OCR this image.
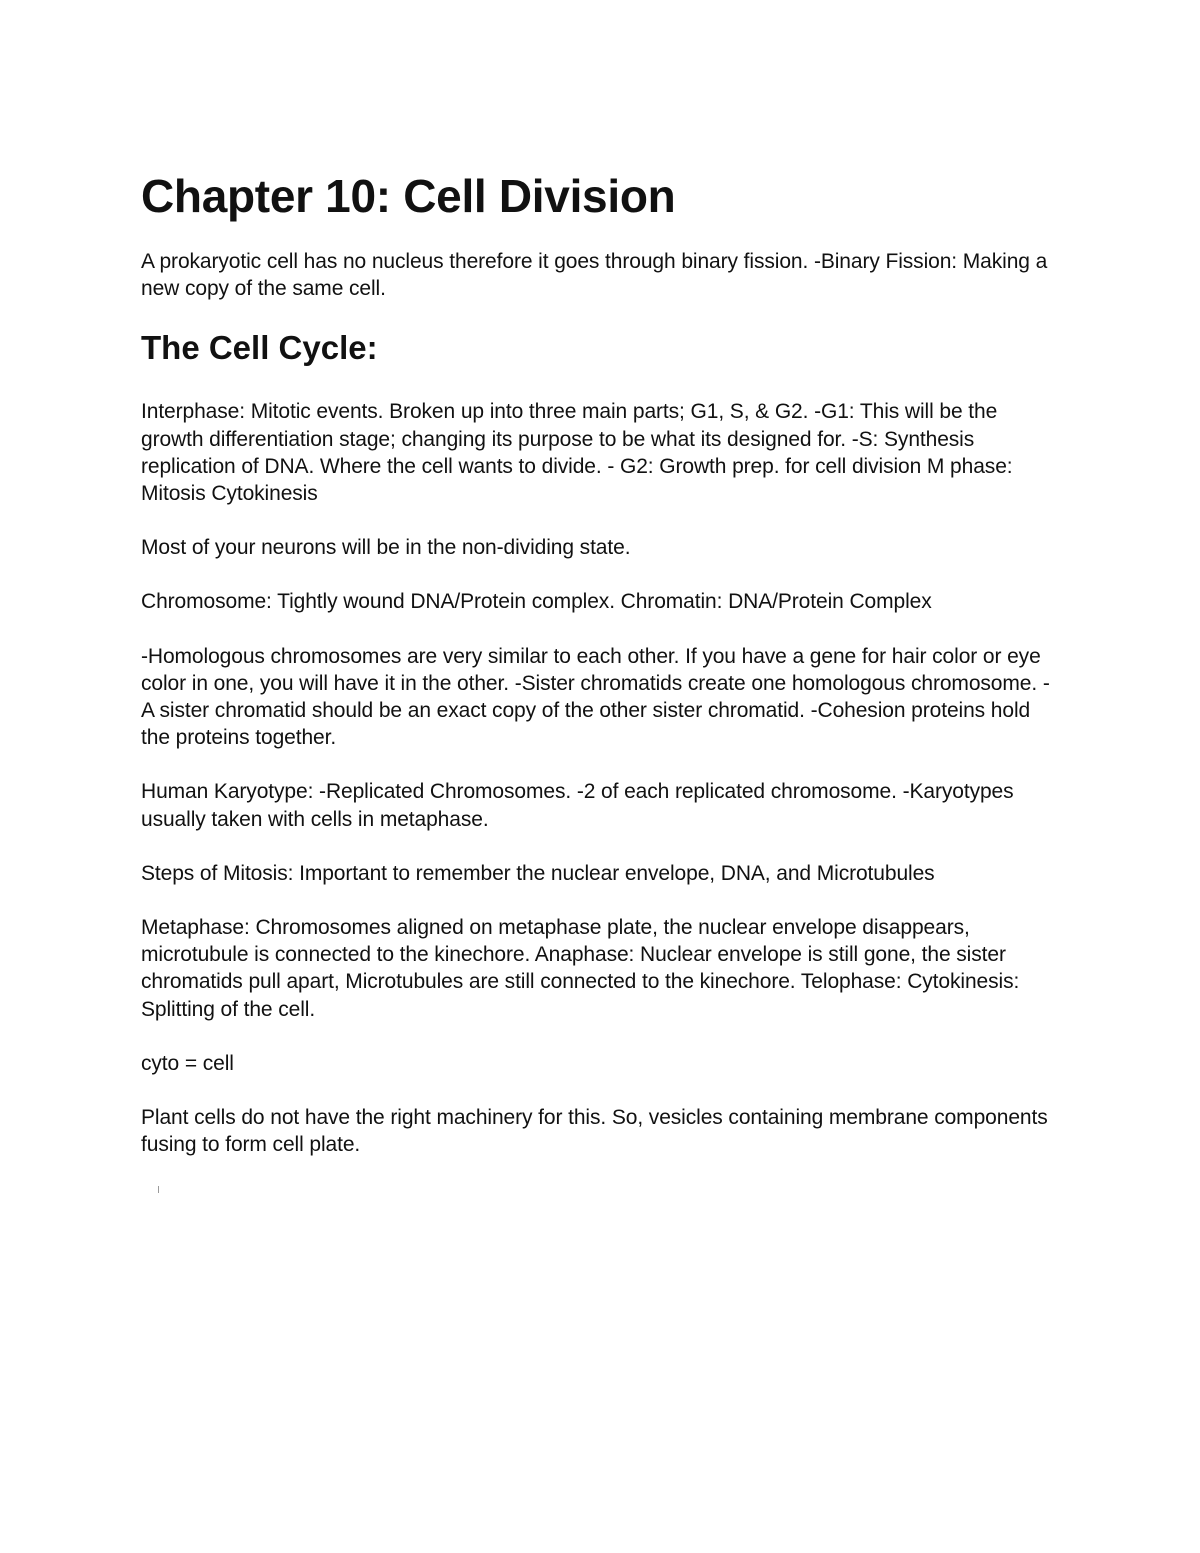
Chapter 10: Cell Division

A prokaryotic cell has no nucleus therefore it goes through binary fission. -Binary Fission: Making a new copy of the same cell.

The Cell Cycle:

Interphase: Mitotic events. Broken up into three main parts; G1, S, & G2. -G1: This will be the growth differentiation stage; changing its purpose to be what its designed for. -S: Synthesis replication of DNA. Where the cell wants to divide. - G2: Growth prep. for cell division M phase: Mitosis Cytokinesis

Most of your neurons will be in the non-dividing state.

Chromosome: Tightly wound DNA/Protein complex. Chromatin: DNA/Protein Complex

-Homologous chromosomes are very similar to each other. If you have a gene for hair color or eye color in one, you will have it in the other. -Sister chromatids create one homologous chromosome. -A sister chromatid should be an exact copy of the other sister chromatid. -Cohesion proteins hold the proteins together.

Human Karyotype: -Replicated Chromosomes. -2 of each replicated chromosome. -Karyotypes usually taken with cells in metaphase.

Steps of Mitosis: Important to remember the nuclear envelope, DNA, and Microtubules

Metaphase: Chromosomes aligned on metaphase plate, the nuclear envelope disappears, microtubule is connected to the kinechore. Anaphase: Nuclear envelope is still gone, the sister chromatids pull apart, Microtubules are still connected to the kinechore. Telophase: Cytokinesis: Splitting of the cell.

cyto = cell

Plant cells do not have the right machinery for this. So, vesicles containing membrane components fusing to form cell plate.
